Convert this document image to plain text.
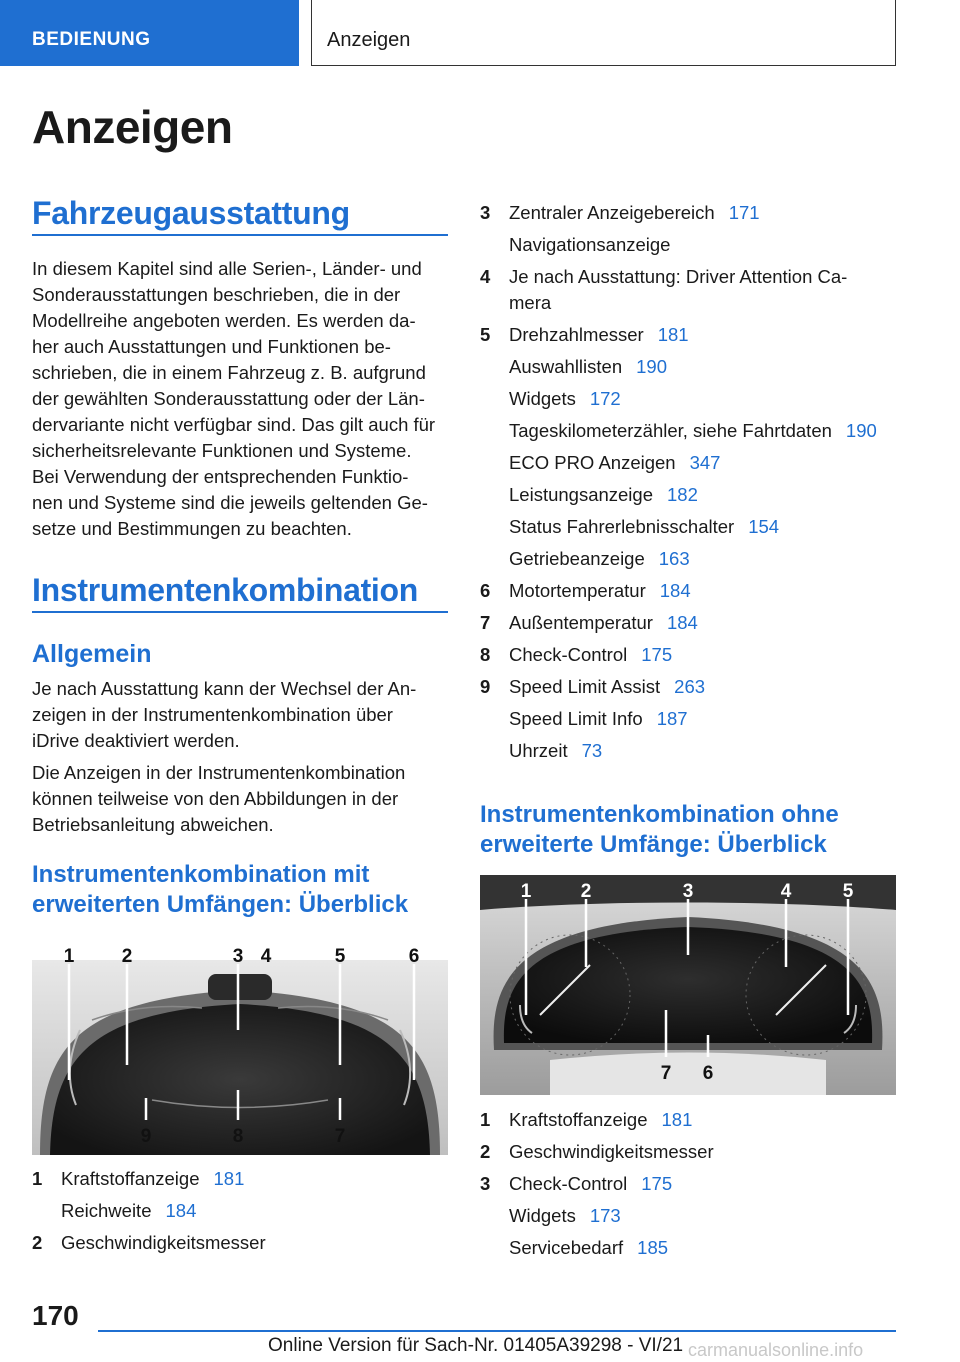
BEDIENUNG	Anzeigen
Anzeigen
Fahrzeugausstattung
In diesem Kapitel sind alle Serien-, Länder- und
Sonderausstattungen beschrieben, die in der
Modellreihe angeboten werden. Es werden da-
her auch Ausstattungen und Funktionen be-
schrieben, die in einem Fahrzeug z. B. aufgrund
der gewählten Sonderausstattung oder der Län-
dervariante nicht verfügbar sind. Das gilt auch für
sicherheitsrelevante Funktionen und Systeme.
Bei Verwendung der entsprechenden Funktio-
nen und Systeme sind die jeweils geltenden Ge-
setze und Bestimmungen zu beachten.
Instrumentenkombination
Allgemein
Je nach Ausstattung kann der Wechsel der An-
zeigen in der Instrumentenkombination über
iDrive deaktiviert werden.
Die Anzeigen in der Instrumentenkombination
können teilweise von den Abbildungen in der
Betriebsanleitung abweichen.
Instrumentenkombination mit
erweiterten Umfängen: Überblick
1 2	3 4	5	6
9	8	7
1 Kraftstoffanzeige 181
Reichweite 184
2 Geschwindigkeitsmesser
3 Zentraler Anzeigebereich 171
Navigationsanzeige
4 Je nach Ausstattung: Driver Attention Ca-
mera
5 Drehzahlmesser 181
Auswahllisten 190
Widgets 172
Tageskilometerzähler, siehe Fahrtdaten 190
ECO PRO Anzeigen 347
Leistungsanzeige 182
Status Fahrerlebnisschalter 154
Getriebeanzeige 163
6 Motortemperatur 184
7 Außentemperatur 184
8 Check-Control 175
9 Speed Limit Assist 263
Speed Limit Info 187
Uhrzeit 73
Instrumentenkombination ohne
erweiterte Umfänge: Überblick
1	2	3	4	5
7 6
1 Kraftstoffanzeige 181
2 Geschwindigkeitsmesser
3 Check-Control 175
Widgets 173
Servicebedarf 185
170
Online Version für Sach-Nr. 01405A39298 - VI/21 carmanualsonline.info
